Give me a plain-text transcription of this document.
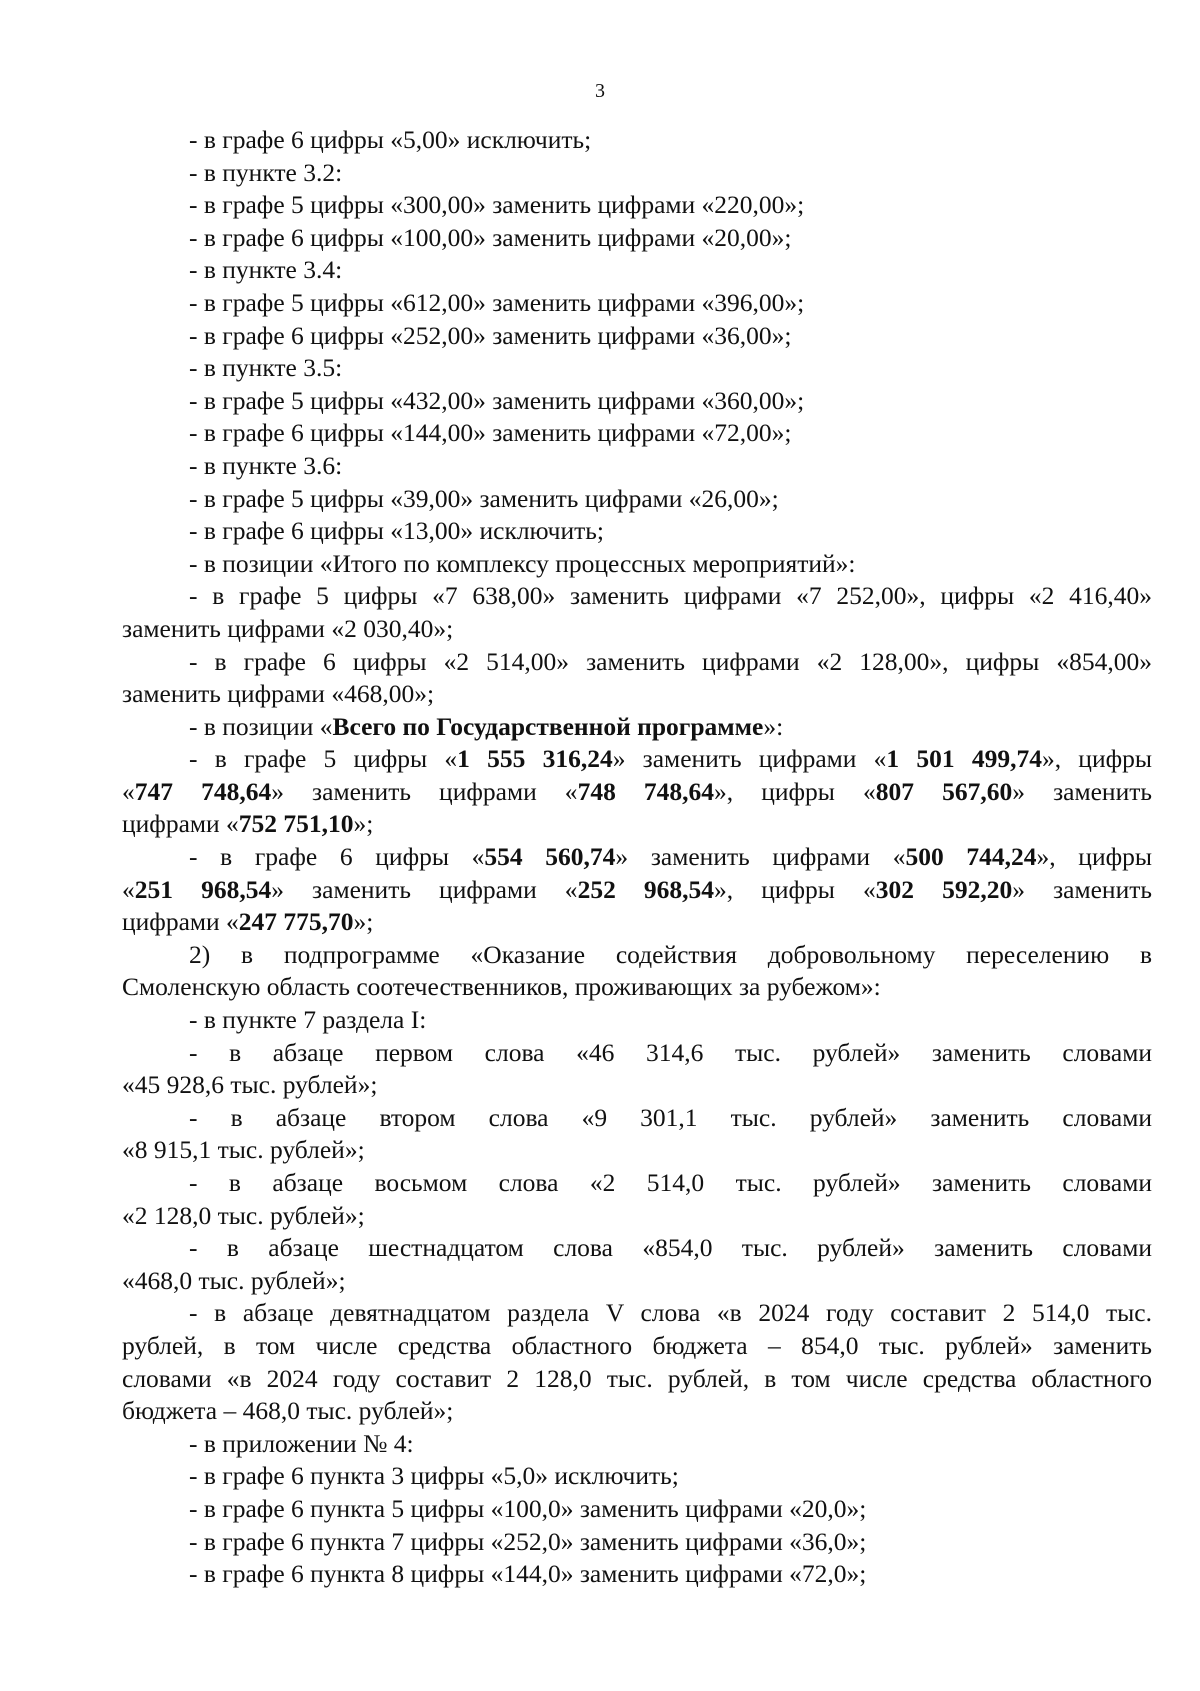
3
- в графе 6 цифры «5,00» исключить;
- в пункте 3.2:
- в графе 5 цифры «300,00» заменить цифрами «220,00»;
- в графе 6 цифры «100,00» заменить цифрами «20,00»;
- в пункте 3.4:
- в графе 5 цифры «612,00» заменить цифрами «396,00»;
- в графе 6 цифры «252,00» заменить цифрами «36,00»;
- в пункте 3.5:
- в графе 5 цифры «432,00» заменить цифрами «360,00»;
- в графе 6 цифры «144,00» заменить цифрами «72,00»;
- в пункте 3.6:
- в графе 5 цифры «39,00» заменить цифрами «26,00»;
- в графе 6 цифры «13,00» исключить;
- в позиции «Итого по комплексу процессных мероприятий»:
- в графе 5 цифры «7 638,00» заменить цифрами «7 252,00», цифры «2 416,40»
заменить цифрами «2 030,40»;
- в графе 6 цифры «2 514,00» заменить цифрами «2 128,00», цифры «854,00»
заменить цифрами «468,00»;
- в позиции «Всего по Государственной программе»:
- в графе 5 цифры «1 555 316,24» заменить цифрами «1 501 499,74», цифры
«747 748,64» заменить цифрами «748 748,64», цифры «807 567,60» заменить
цифрами «752 751,10»;
- в графе 6 цифры «554 560,74» заменить цифрами «500 744,24», цифры
«251 968,54» заменить цифрами «252 968,54», цифры «302 592,20» заменить
цифрами «247 775,70»;
2) в подпрограмме «Оказание содействия добровольному переселению в
Смоленскую область соотечественников, проживающих за рубежом»:
- в пункте 7 раздела I:
- в абзаце первом слова «46 314,6 тыс. рублей» заменить словами
«45 928,6 тыс. рублей»;
- в абзаце втором слова «9 301,1 тыс. рублей» заменить словами
«8 915,1 тыс. рублей»;
- в абзаце восьмом слова «2 514,0 тыс. рублей» заменить словами
«2 128,0 тыс. рублей»;
- в абзаце шестнадцатом слова «854,0 тыс. рублей» заменить словами
«468,0 тыс. рублей»;
- в абзаце девятнадцатом раздела V слова «в 2024 году составит 2 514,0 тыс.
рублей, в том числе средства областного бюджета – 854,0 тыс. рублей» заменить
словами «в 2024 году составит 2 128,0 тыс. рублей, в том числе средства областного
бюджета – 468,0 тыс. рублей»;
- в приложении № 4:
- в графе 6 пункта 3 цифры «5,0» исключить;
- в графе 6 пункта 5 цифры «100,0» заменить цифрами «20,0»;
- в графе 6 пункта 7 цифры «252,0» заменить цифрами «36,0»;
- в графе 6 пункта 8 цифры «144,0» заменить цифрами «72,0»;
